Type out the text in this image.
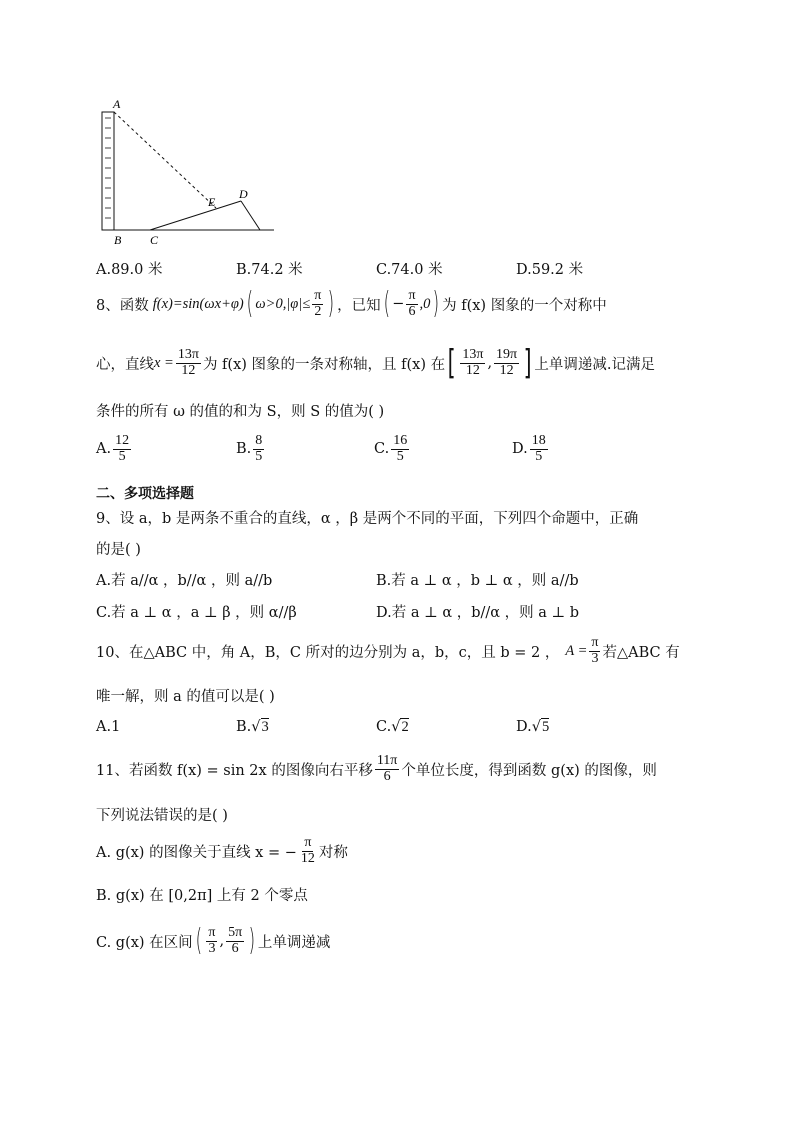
A
B C
D
E
A.89.0 米	B.74.2 米	C.74.0 米	D.59.2 米
8、函数 f(x)=sin(ωx+φ) ( $\omega>0,|\varphi|\le \frac{\pi}{2}$ ) ，已知 ( − $\frac{\pi}{6} ,0$ ) 为 f(x) 图象的一个对称中
心，直线 $x = \frac{13\pi}{12}$ 为 f(x) 图象的一条对称轴，且 f(x) 在 [ $\frac{13\pi}{12}$ , $\frac{19\pi}{12}$ ] 上单调递减.记满足
条件的所有 ω 的值的和为 S，则 S 的值为( )
A. $\frac{12}{5}$	B. $\frac{8}{5}$	C. $\frac{16}{5}$	D. $\frac{18}{5}$
二、多项选择题
9、设 a，b 是两条不重合的直线，α ，β 是两个不同的平面，下列四个命题中，正确
的是( )
A.若 a//α ，b//α ，则 a//b	B.若 a ⊥ α ，b ⊥ α ，则 a//b
C.若 a ⊥ α ，a ⊥ β ，则 α//β	D.若 a ⊥ α ，b//α ，则 a ⊥ b
10、在△ABC 中，角 A，B，C 所对的边分别为 a，b，c，且 b = 2 ， $A = \frac{\pi}{3}$ 若△ABC 有
唯一解，则 a 的值可以是( )
A.1	B.√3	C.√2	D.√5
11、若函数 f(x) = sin 2x 的图像向右平移 $\frac{11\pi}{6}$ 个单位长度，得到函数 g(x) 的图像，则
下列说法错误的是( )
A. g(x) 的图像关于直线 x = − $\frac{\pi}{12}$ 对称
B. g(x) 在 [0,2π] 上有 2 个零点
C. g(x) 在区间 ( $\frac{\pi}{3}$ , $\frac{5\pi}{6}$ ) 上单调递减
